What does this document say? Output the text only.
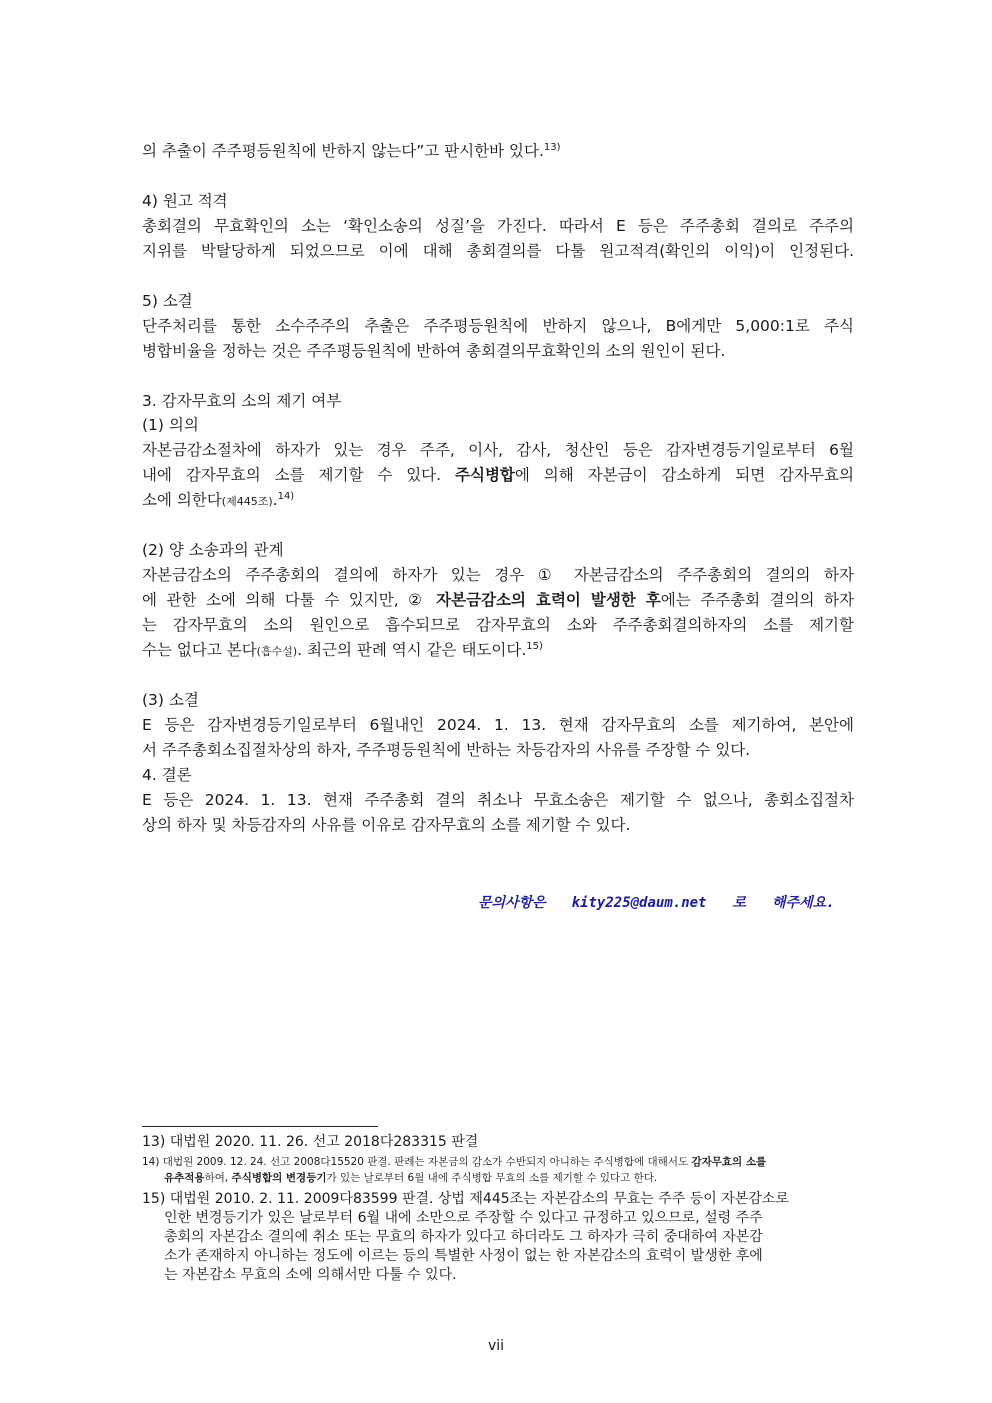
의 추출이 주주평등원칙에 반하지 않는다”고 판시한바 있다.$^{13)}$
4) 원고 적격
총회결의 무효확인의 소는 ‘확인소송의 성질’을 가진다. 따라서 E 등은 주주총회 결의로 주주의
지위를 박탈당하게 되었으므로 이에 대해 총회결의를 다툴 원고적격(확인의 이익)이 인정된다.
5) 소결
단주처리를 통한 소수주주의 추출은 주주평등원칙에 반하지 않으나, B에게만 5,000:1로 주식
병합비율을 정하는 것은 주주평등원칙에 반하여 총회결의무효확인의 소의 원인이 된다.
3. 감자무효의 소의 제기 여부
(1) 의의
자본금감소절차에 하자가 있는 경우 주주, 이사, 감사, 청산인 등은 감자변경등기일로부터 6월
내에 감자무효의 소를 제기할 수 있다. 주식병합에 의해 자본금이 감소하게 되면 감자무효의
소에 의한다(제445조).$^{14)}$
(2) 양 소송과의 관계
자본금감소의 주주총회의 결의에 하자가 있는 경우 ① 자본금감소의 주주총회의 결의의 하자
에 관한 소에 의해 다툴 수 있지만, ② 자본금감소의 효력이 발생한 후에는 주주총회 결의의 하자
는 감자무효의 소의 원인으로 흡수되므로 감자무효의 소와 주주총회결의하자의 소를 제기할
수는 없다고 본다(흡수설). 최근의 판례 역시 같은 태도이다.$^{15)}$
(3) 소결
E 등은 감자변경등기일로부터 6월내인 2024. 1. 13. 현재 감자무효의 소를 제기하여, 본안에
서 주주총회소집절차상의 하자, 주주평등원칙에 반하는 차등감자의 사유를 주장할 수 있다.
4. 결론
E 등은 2024. 1. 13. 현재 주주총회 결의 취소나 무효소송은 제기할 수 없으나, 총회소집절차
상의 하자 및 차등감자의 사유를 이유로 감자무효의 소를 제기할 수 있다.
문의사항은 kity225@daum.net 로 해주세요.
13) 대법원 2020. 11. 26. 선고 2018다283315 판결
14) 대법원 2009. 12. 24. 선고 2008다15520 판결. 판례는 자본금의 감소가 수반되지 아니하는 주식병합에 대해서도 감자무효의 소를
유추적용하여, 주식병합의 변경등기가 있는 날로부터 6월 내에 주식병합 무효의 소를 제기할 수 있다고 한다.
15) 대법원 2010. 2. 11. 2009다83599 판결. 상법 제445조는 자본감소의 무효는 주주 등이 자본감소로
인한 변경등기가 있은 날로부터 6월 내에 소만으로 주장할 수 있다고 규정하고 있으므로, 설령 주주
총회의 자본감소 결의에 취소 또는 무효의 하자가 있다고 하더라도 그 하자가 극히 중대하여 자본감
소가 존재하지 아니하는 정도에 이르는 등의 특별한 사정이 없는 한 자본감소의 효력이 발생한 후에
는 자본감소 무효의 소에 의해서만 다툴 수 있다.
vii
